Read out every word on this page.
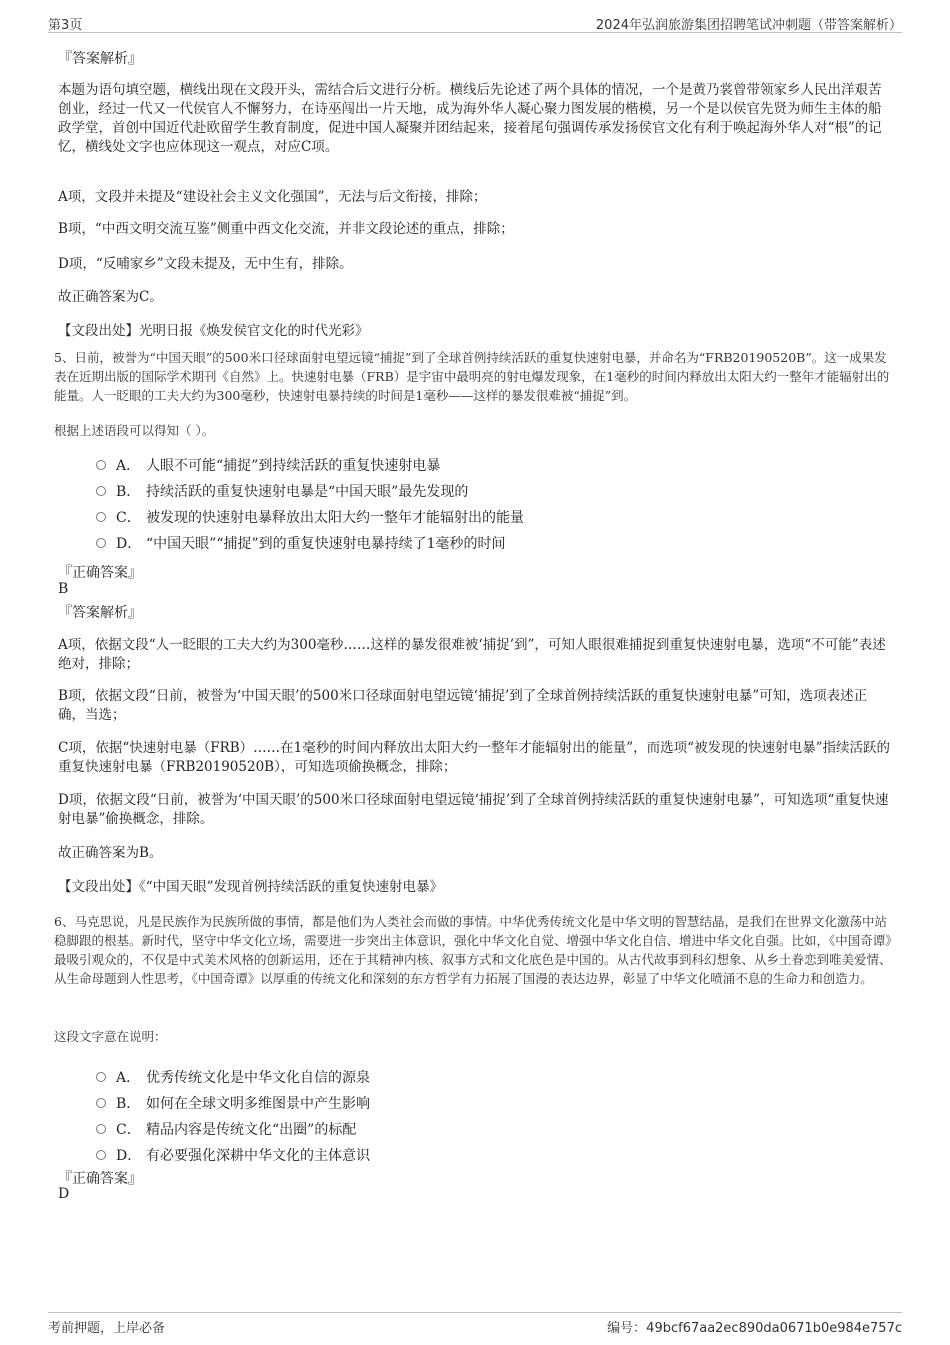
第3页	2024年弘润旅游集团招聘笔试冲刺题（带答案解析）
『答案解析』
本题为语句填空题，横线出现在文段开头，需结合后文进行分析。横线后先论述了两个具体的情况，一个是黄乃裳曾带领家乡人民出洋艰苦创业，经过一代又一代侯官人不懈努力，在诗巫闯出一片天地，成为海外华人凝心聚力图发展的楷模，另一个是以侯官先贤为师生主体的船政学堂，首创中国近代赴欧留学生教育制度，促进中国人凝聚并团结起来，接着尾句强调传承发扬侯官文化有利于唤起海外华人对“根”的记忆，横线处文字也应体现这一观点，对应C项。
A项，文段并未提及“建设社会主义文化强国”，无法与后文衔接，排除；
B项，“中西文明交流互鉴”侧重中西文化交流，并非文段论述的重点，排除；
D项，“反哺家乡”文段未提及，无中生有，排除。
故正确答案为C。
【文段出处】光明日报《焕发侯官文化的时代光彩》
5、日前，被誉为“中国天眼”的500米口径球面射电望远镜“捕捉”到了全球首例持续活跃的重复快速射电暴，并命名为“FRB20190520B”。这一成果发表在近期出版的国际学术期刊《自然》上。快速射电暴（FRB）是宇宙中最明亮的射电爆发现象，在1毫秒的时间内释放出太阳大约一整年才能辐射出的能量。人一眨眼的工夫大约为300毫秒，快速射电暴持续的时间是1毫秒——这样的暴发很难被“捕捉”到。
根据上述语段可以得知（ ）。
A． 人眼不可能“捕捉”到持续活跃的重复快速射电暴
B． 持续活跃的重复快速射电暴是“中国天眼”最先发现的
C． 被发现的快速射电暴释放出太阳大约一整年才能辐射出的能量
D． “中国天眼”“捕捉”到的重复快速射电暴持续了1毫秒的时间
『正确答案』
B
『答案解析』
A项，依据文段“人一眨眼的工夫大约为300毫秒……这样的暴发很难被‘捕捉’到”，可知人眼很难捕捉到重复快速射电暴，选项“不可能”表述绝对，排除；
B项，依据文段“日前，被誉为‘中国天眼’的500米口径球面射电望远镜‘捕捉’到了全球首例持续活跃的重复快速射电暴”可知，选项表述正确，当选；
C项，依据“快速射电暴（FRB）……在1毫秒的时间内释放出太阳大约一整年才能辐射出的能量”，而选项“被发现的快速射电暴”指续活跃的重复快速射电暴（FRB20190520B），可知选项偷换概念，排除；
D项，依据文段“日前，被誉为‘中国天眼’的500米口径球面射电望远镜‘捕捉’到了全球首例持续活跃的重复快速射电暴”，可知选项“重复快速射电暴”偷换概念，排除。
故正确答案为B。
【文段出处】《“中国天眼”发现首例持续活跃的重复快速射电暴》
6、马克思说，凡是民族作为民族所做的事情，都是他们为人类社会而做的事情。中华优秀传统文化是中华文明的智慧结晶，是我们在世界文化激荡中站稳脚跟的根基。新时代，坚守中华文化立场，需要进一步突出主体意识，强化中华文化自觉、增强中华文化自信、增进中华文化自强。比如，《中国奇谭》最吸引观众的，不仅是中式美术风格的创新运用，还在于其精神内核、叙事方式和文化底色是中国的。从古代故事到科幻想象、从乡土眷恋到唯美爱情、从生命母题到人性思考，《中国奇谭》以厚重的传统文化和深刻的东方哲学有力拓展了国漫的表达边界，彰显了中华文化喷涌不息的生命力和创造力。
这段文字意在说明：
A． 优秀传统文化是中华文化自信的源泉
B． 如何在全球文明多维图景中产生影响
C． 精品内容是传统文化“出圈”的标配
D． 有必要强化深耕中华文化的主体意识
『正确答案』
D
考前押题，上岸必备	编号：49bcf67aa2ec890da0671b0e984e757c
